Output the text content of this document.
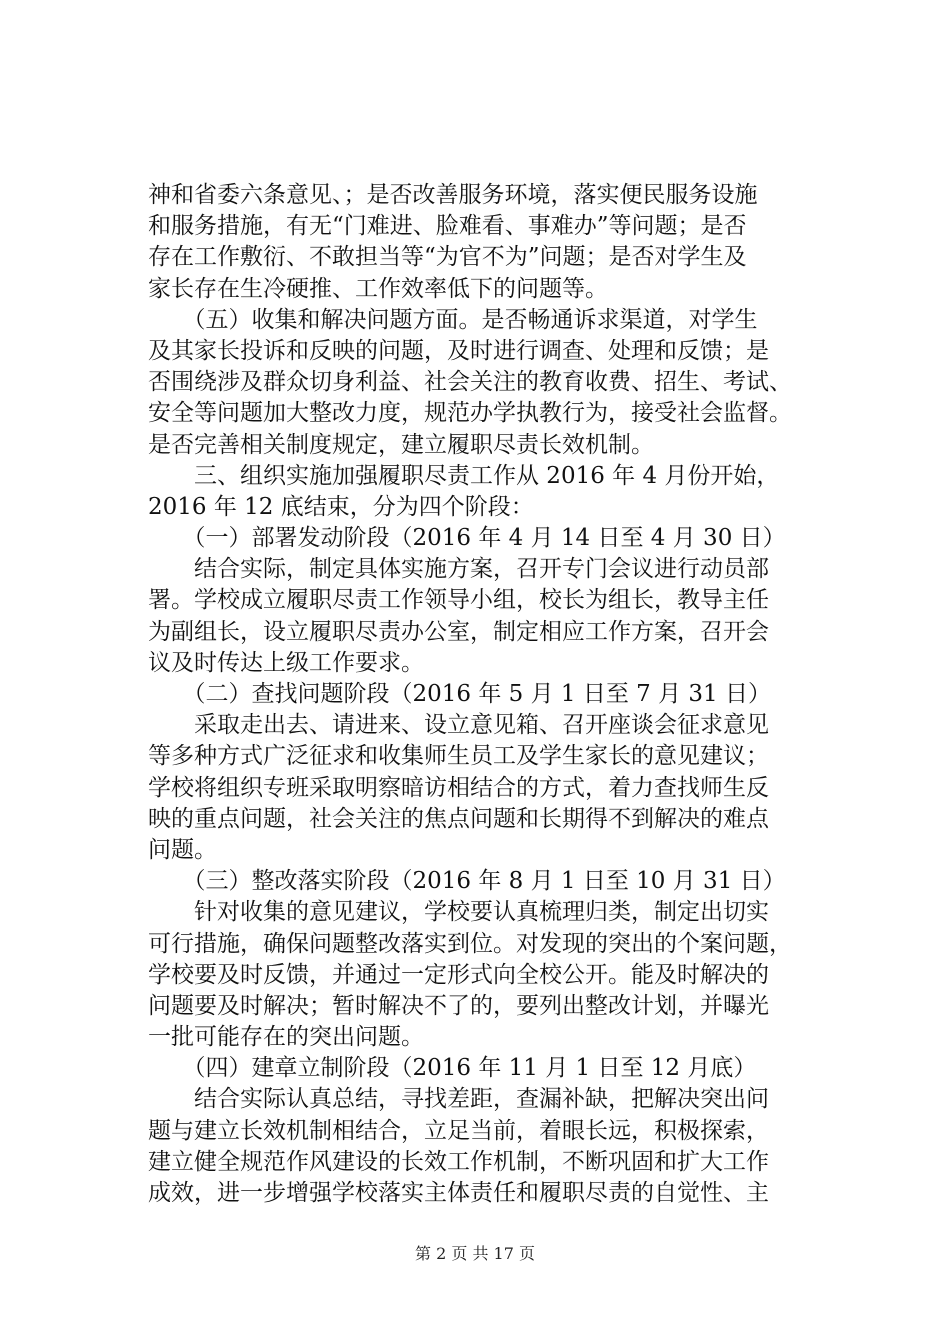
神和省委六条意见、；是否改善服务环境，落实便民服务设施
和服务措施，有无“门难进、脸难看、事难办”等问题；是否
存在工作敷衍、不敢担当等“为官不为”问题；是否对学生及
家长存在生冷硬推、工作效率低下的问题等。
　　（五）收集和解决问题方面。是否畅通诉求渠道，对学生
及其家长投诉和反映的问题，及时进行调查、处理和反馈；是
否围绕涉及群众切身利益、社会关注的教育收费、招生、考试、
安全等问题加大整改力度，规范办学执教行为，接受社会监督。
是否完善相关制度规定，建立履职尽责长效机制。
　　三、组织实施加强履职尽责工作从 2016 年 4 月份开始，
2016 年 12 底结束，分为四个阶段：
　　（一）部署发动阶段（2016 年 4 月 14 日至 4 月 30 日）
　　结合实际，制定具体实施方案，召开专门会议进行动员部
署。学校成立履职尽责工作领导小组，校长为组长，教导主任
为副组长，设立履职尽责办公室，制定相应工作方案，召开会
议及时传达上级工作要求。
　　（二）查找问题阶段（2016 年 5 月 1 日至 7 月 31 日）
　　采取走出去、请进来、设立意见箱、召开座谈会征求意见
等多种方式广泛征求和收集师生员工及学生家长的意见建议；
学校将组织专班采取明察暗访相结合的方式，着力查找师生反
映的重点问题，社会关注的焦点问题和长期得不到解决的难点
问题。
　　（三）整改落实阶段（2016 年 8 月 1 日至 10 月 31 日）
　　针对收集的意见建议，学校要认真梳理归类，制定出切实
可行措施，确保问题整改落实到位。对发现的突出的个案问题，
学校要及时反馈，并通过一定形式向全校公开。能及时解决的
问题要及时解决；暂时解决不了的，要列出整改计划，并曝光
一批可能存在的突出问题。
　　（四）建章立制阶段（2016 年 11 月 1 日至 12 月底）
　　结合实际认真总结，寻找差距，查漏补缺，把解决突出问
题与建立长效机制相结合，立足当前，着眼长远，积极探索，
建立健全规范作风建设的长效工作机制，不断巩固和扩大工作
成效，进一步增强学校落实主体责任和履职尽责的自觉性、主
第 2 页 共 17 页
